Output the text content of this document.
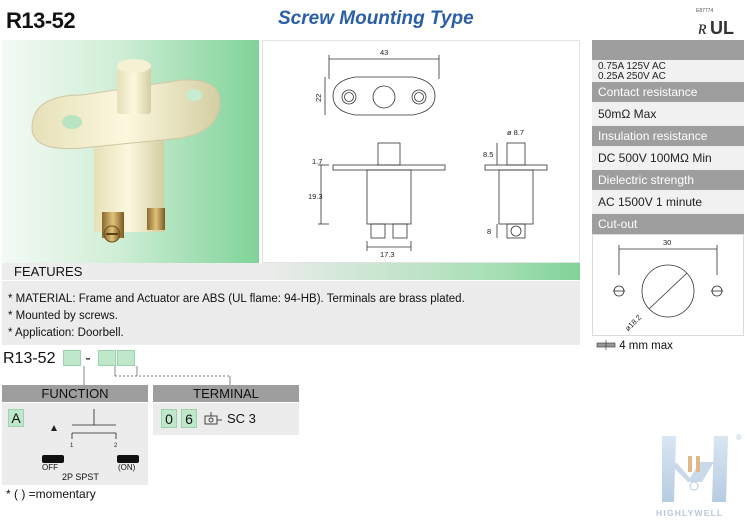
R13-52	Screw Mounting Type	E87774
ʀ U L
43
22
1.7
19.3
17.3
ø 8.7
8.5
8
0.75A 125V AC
0.25A 250V AC
Contact resistance
50mΩ Max
Insulation resistance
DC 500V 100MΩ Min
Dielectric strength
AC 1500V 1 minute
Cut-out
30
ø18.2
4 mm max
FEATURES
* MATERIAL: Frame and Actuator are ABS (UL flame: 94-HB). Terminals are brass plated.
* Mounted by screws.
* Application: Doorbell.
R13-52 -
FUNCTION
A
1	2
OFF	(ON)
2P SPST
TERMINAL
0 6	SC 3
* ( ) =momentary
HIGHLYWELL
®
